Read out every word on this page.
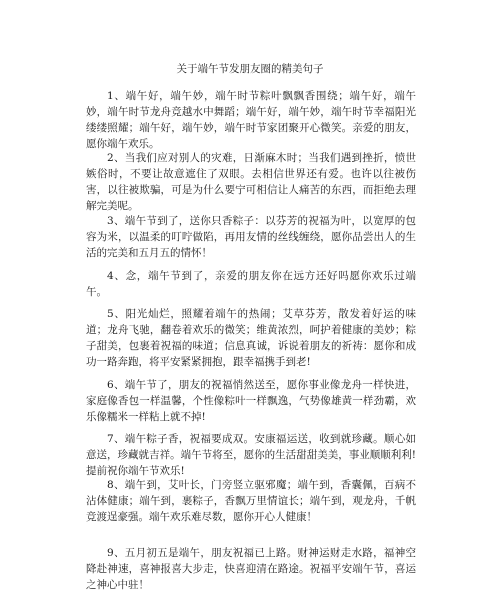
关于端午节发朋友圈的精美句子
1、端午好，端午妙，端午时节粽叶飘飘香围绕；端午好，端午妙，端午时节龙舟竞越水中舞蹈；端午好，端午妙，端午时节幸福阳光缕缕照耀；端午好，端午妙，端午时节家团聚开心微笑。亲爱的朋友，愿你端午欢乐。
2、当我们应对别人的灾难，日渐麻木时；当我们遇到挫折，愤世嫉俗时，不要让故意遮住了双眼。去相信世界还有爱。也许以往被伤害，以往被欺骗，可是为什么要宁可相信让人痛苦的东西，而拒绝去理解完美呢。
3、端午节到了，送你只香粽子：以芬芳的祝福为叶，以宽厚的包容为米，以温柔的叮咛做陷，再用友情的丝线缠绕，愿你品尝出人的生活的完美和五月五的情怀！
4、念，端午节到了，亲爱的朋友你在远方还好吗愿你欢乐过端午。
5、阳光灿烂，照耀着端午的热闹；艾草芬芳，散发着好运的味道；龙舟飞驰，翻卷着欢乐的微笑；维黄浓烈，呵护着健康的美妙；粽子甜美，包裹着祝福的味道；信息真诚，诉说着朋友的祈祷：愿你和成功一路奔跑，将平安紧紧拥抱，跟幸福携手到老!
6、端午节了，朋友的祝福悄然送至，愿你事业像龙舟一样快进，家庭像香包一样温馨，个性像粽叶一样飘逸，气势像雄黄一样劲霸，欢乐像糯米一样粘上就不掉!
7、端午粽子香，祝福要成双。安康福运送，收到就珍藏。顺心如意送，珍藏就吉祥。端午节将至，愿你的生活甜甜美美，事业顺顺利利!提前祝你端午节欢乐!
8、端午到，艾叶长，门旁竖立驱邪魔；端午到，香囊佩，百病不沾体健康；端午到，裹粽子，香飘万里情谊长；端午到，观龙舟，千帆竞渡逞豪强。端午欢乐难尽数，愿你开心人健康！
9、五月初五是端午，朋友祝福已上路。财神运财走水路，福神空降赴神速，喜神报喜大步走，快喜迎清在路途。祝福平安端午节，喜运之神心中驻！
